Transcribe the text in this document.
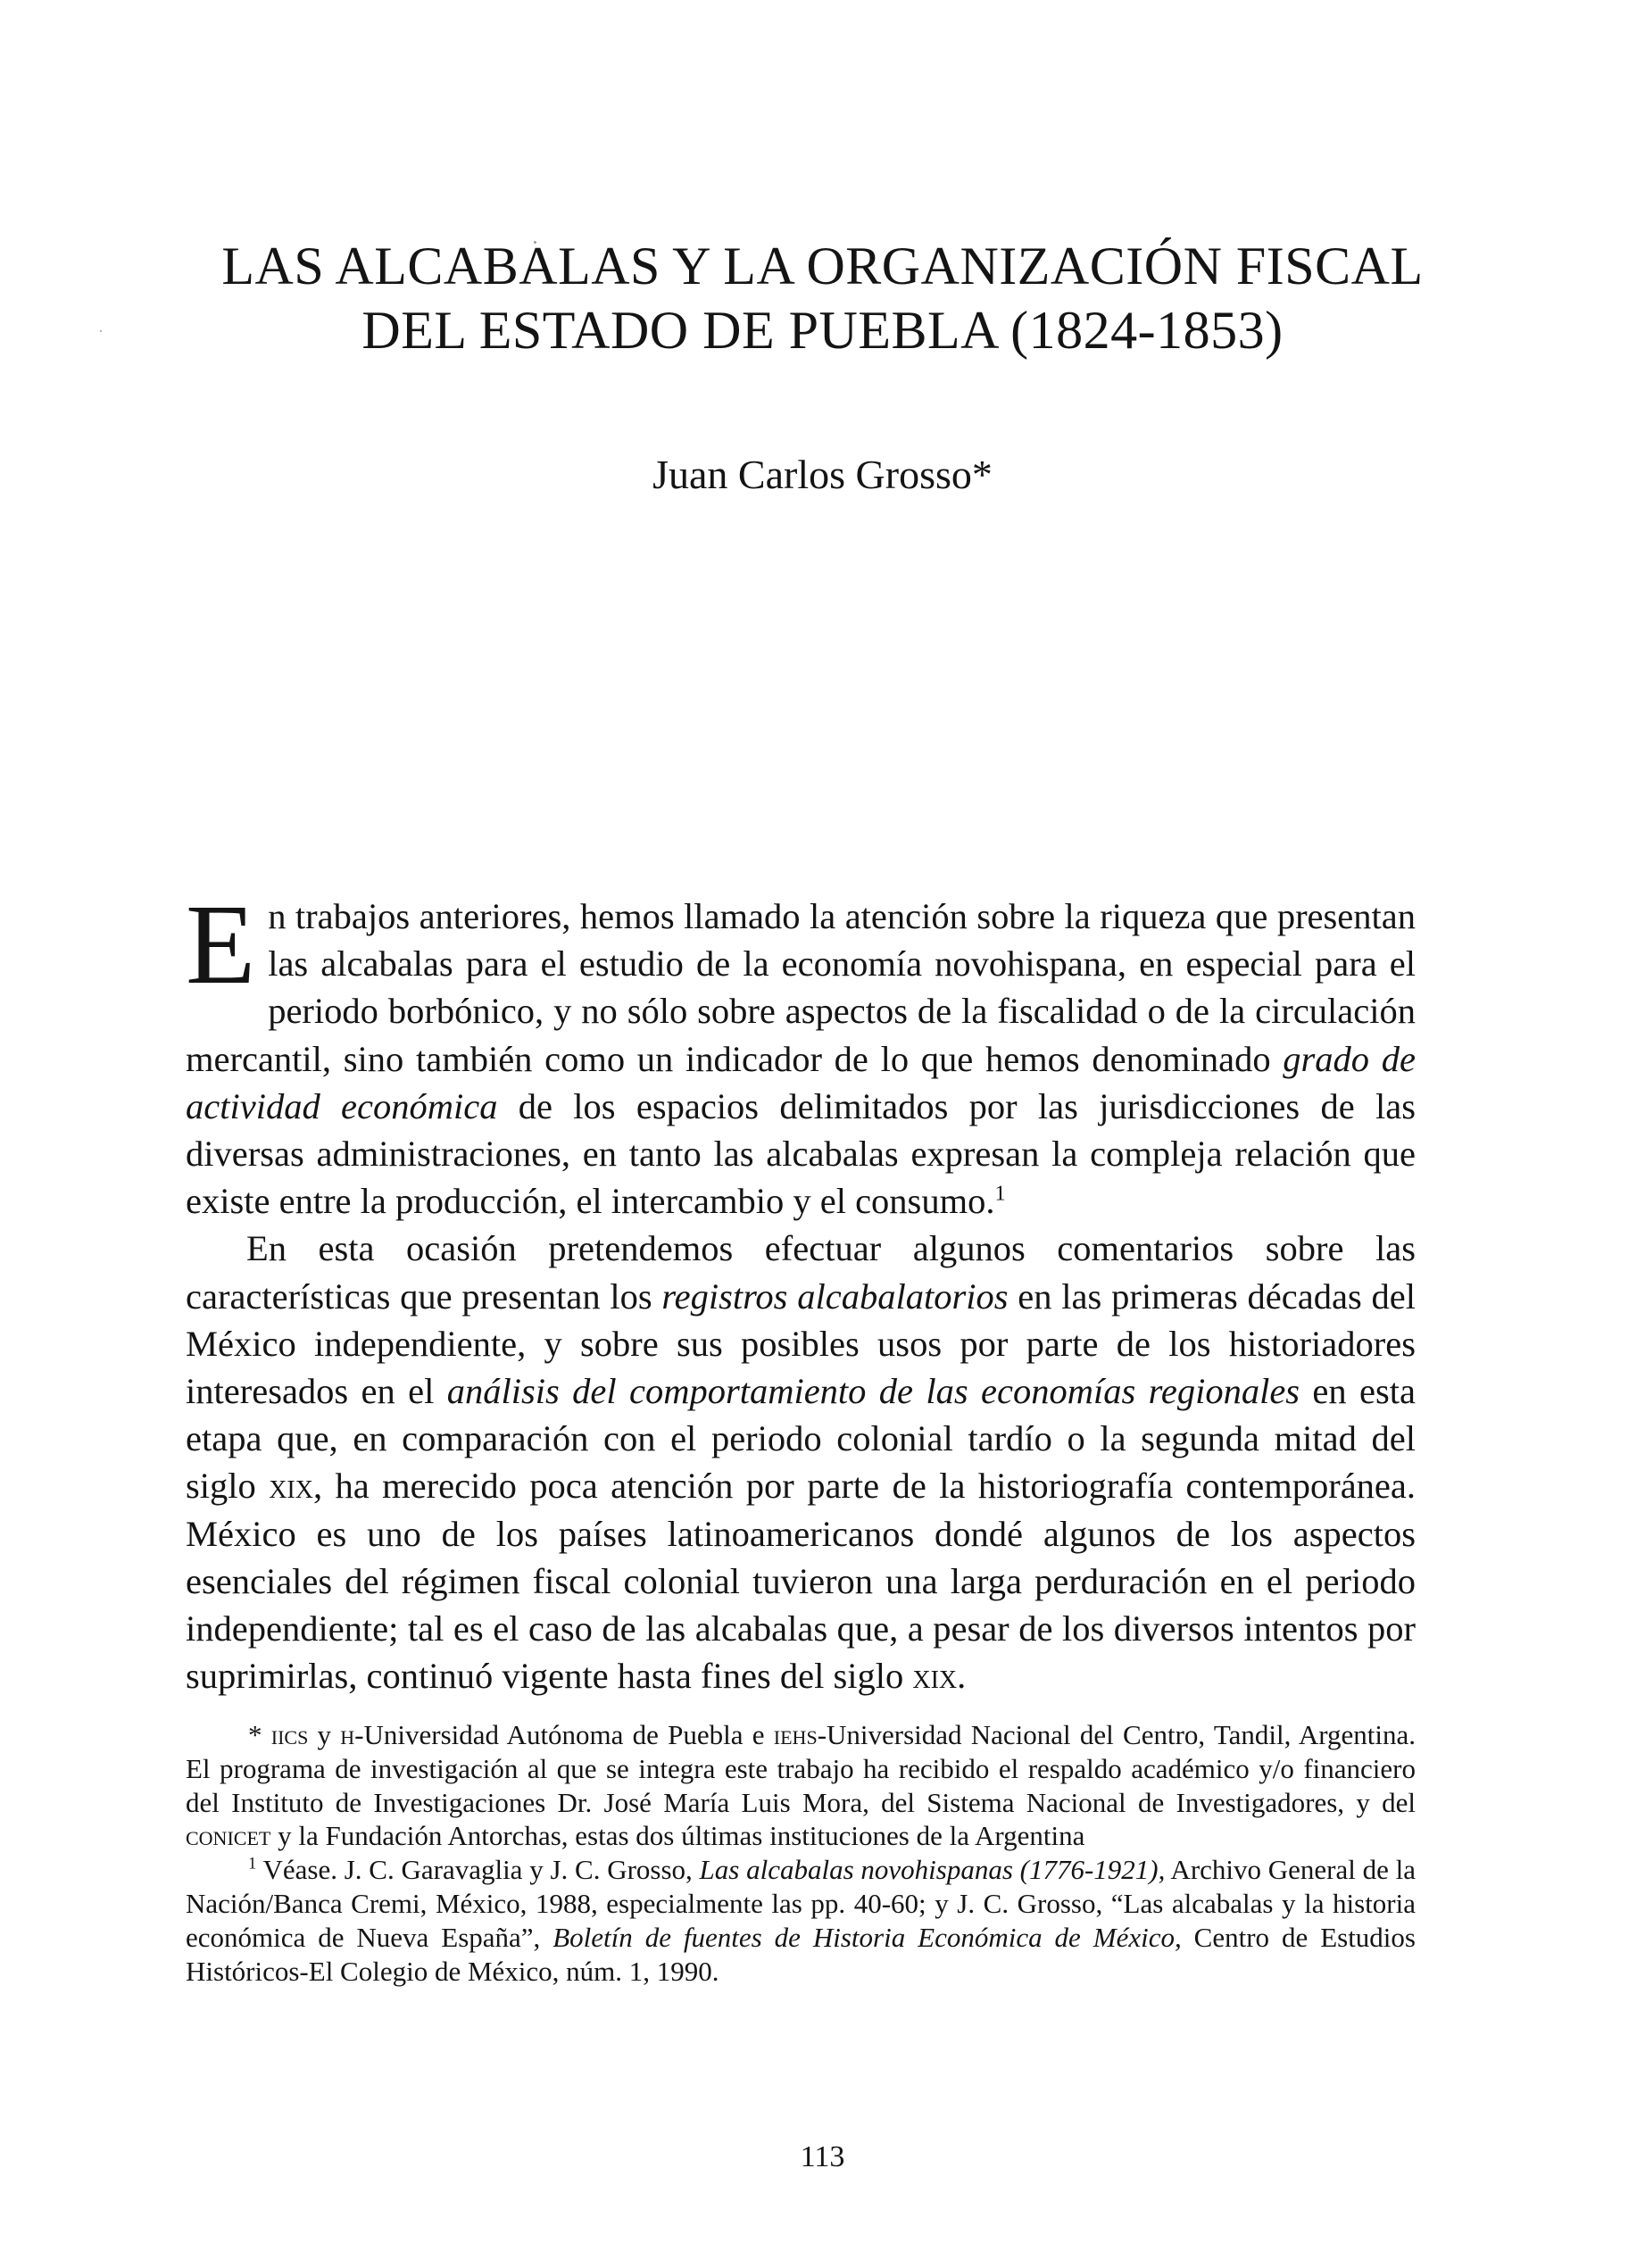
LAS ALCABALAS Y LA ORGANIZACIÓN FISCAL
DEL ESTADO DE PUEBLA (1824-1853)

Juan Carlos Grosso*

En trabajos anteriores, hemos llamado la atención sobre la riqueza que presentan las alcabalas para el estudio de la economía novohispana, en especial para el periodo borbónico, y no sólo sobre aspectos de la fiscalidad o de la circulación mercantil, sino también como un indicador de lo que hemos denominado grado de actividad económica de los espacios delimitados por las jurisdicciones de las diversas administraciones, en tanto las alcabalas expresan la compleja relación que existe entre la producción, el intercambio y el consumo.$^1$

En esta ocasión pretendemos efectuar algunos comentarios sobre las características que presentan los registros alcabalatorios en las primeras décadas del México independiente, y sobre sus posibles usos por parte de los historiadores interesados en el análisis del comportamiento de las economías regionales en esta etapa que, en comparación con el periodo colonial tardío o la segunda mitad del siglo xix, ha merecido poca atención por parte de la historiografía contemporánea. México es uno de los países latinoamericanos dondé algunos de los aspectos esenciales del régimen fiscal colonial tuvieron una larga perduración en el periodo independiente; tal es el caso de las alcabalas que, a pesar de los diversos intentos por suprimirlas, continuó vigente hasta fines del siglo xix.

* iics y h-Universidad Autónoma de Puebla e iehs-Universidad Nacional del Centro, Tandil, Argentina. El programa de investigación al que se integra este trabajo ha recibido el respaldo académico y/o financiero del Instituto de Investigaciones Dr. José María Luis Mora, del Sistema Nacional de Investigadores, y del conicet y la Fundación Antorchas, estas dos últimas instituciones de la Argentina

$^1$ Véase. J. C. Garavaglia y J. C. Grosso, Las alcabalas novohispanas (1776-1921), Archivo General de la Nación/Banca Cremi, México, 1988, especialmente las pp. 40-60; y J. C. Grosso, “Las alcabalas y la historia económica de Nueva España”, Boletín de fuentes de Historia Económica de México, Centro de Estudios Históricos-El Colegio de México, núm. 1, 1990.

113
